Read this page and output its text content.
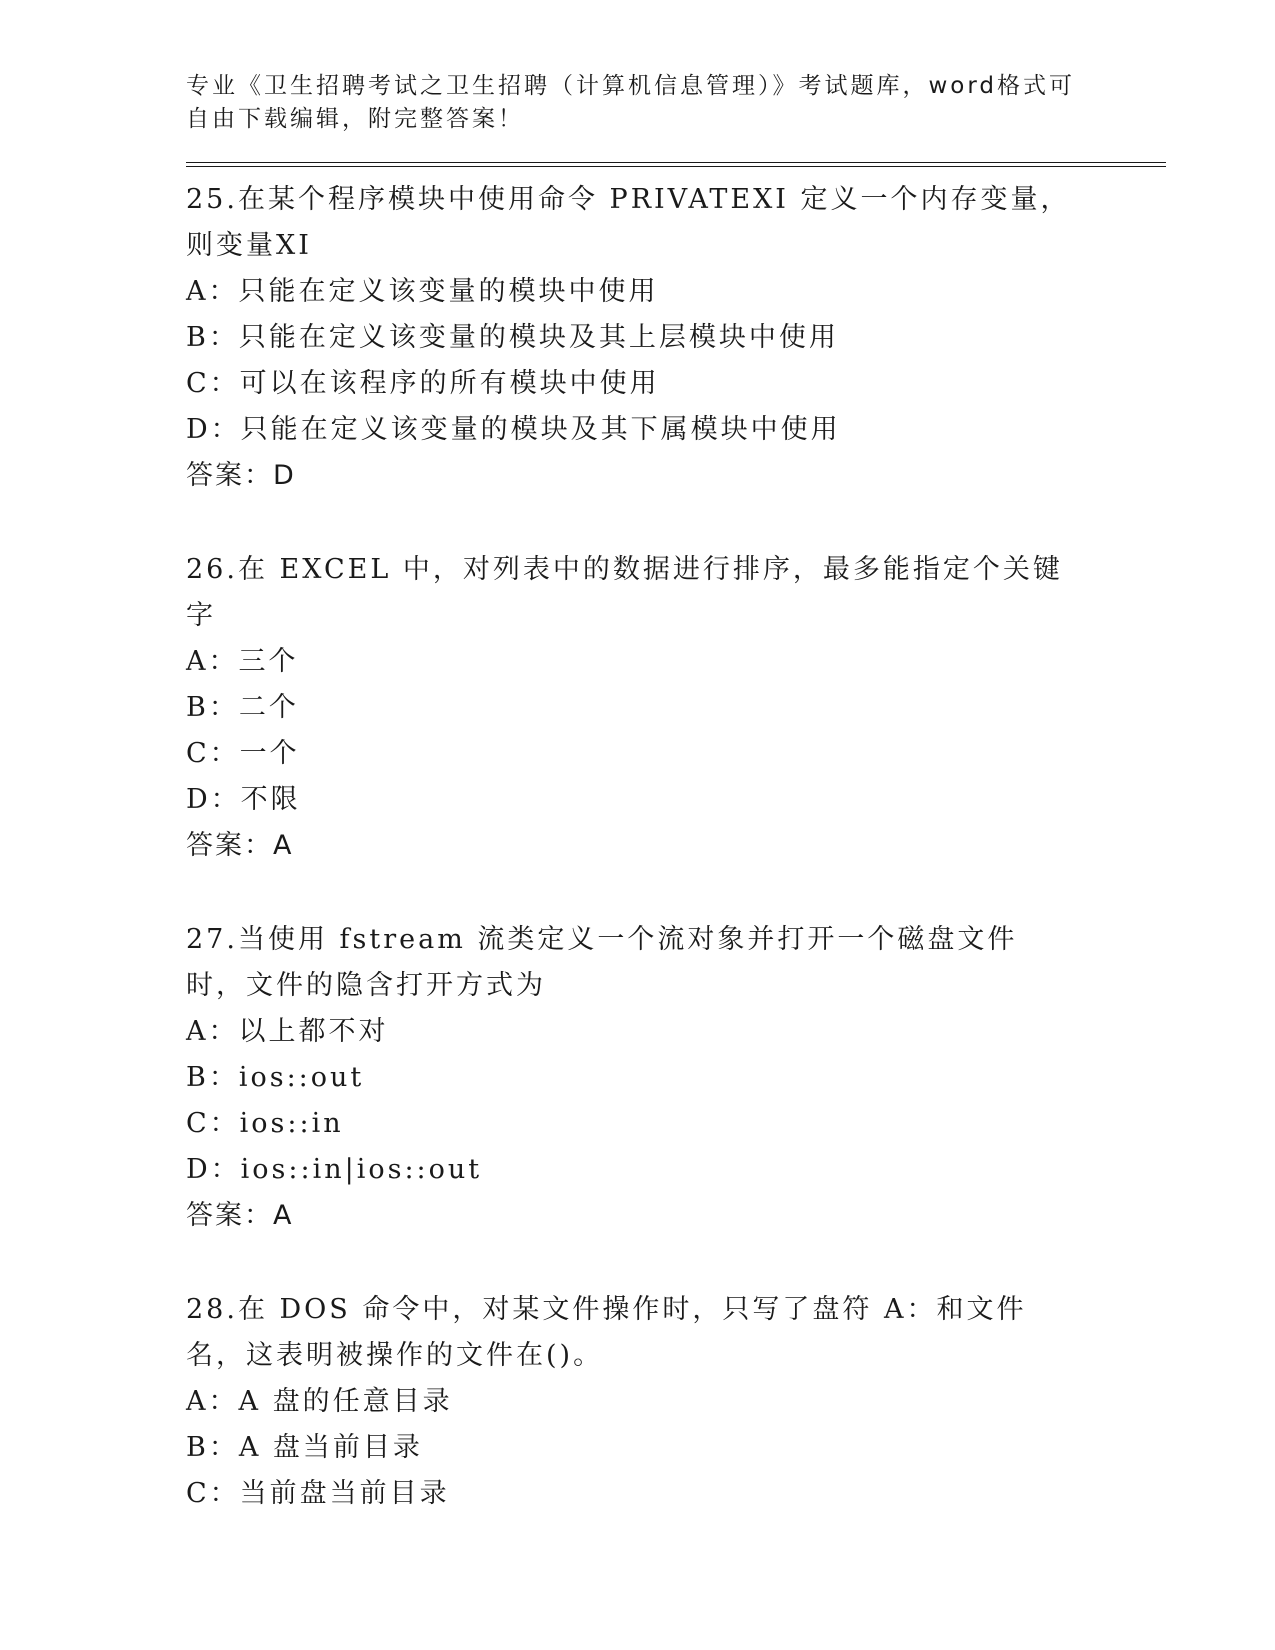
专业《卫生招聘考试之卫生招聘（计算机信息管理）》考试题库，word格式可自由下载编辑，附完整答案！
25.在某个程序模块中使用命令 PRIVATEXI 定义一个内存变量，则变量XI
A：只能在定义该变量的模块中使用
B：只能在定义该变量的模块及其上层模块中使用
C：可以在该程序的所有模块中使用
D：只能在定义该变量的模块及其下属模块中使用
答案：D
26.在 EXCEL 中，对列表中的数据进行排序，最多能指定个关键字
A：三个
B：二个
C：一个
D：不限
答案：A
27.当使用 fstream 流类定义一个流对象并打开一个磁盘文件时，文件的隐含打开方式为
A：以上都不对
B：ios::out
C：ios::in
D：ios::in|ios::out
答案：A
28.在 DOS 命令中，对某文件操作时，只写了盘符 A：和文件名，这表明被操作的文件在()。
A：A 盘的任意目录
B：A 盘当前目录
C：当前盘当前目录
